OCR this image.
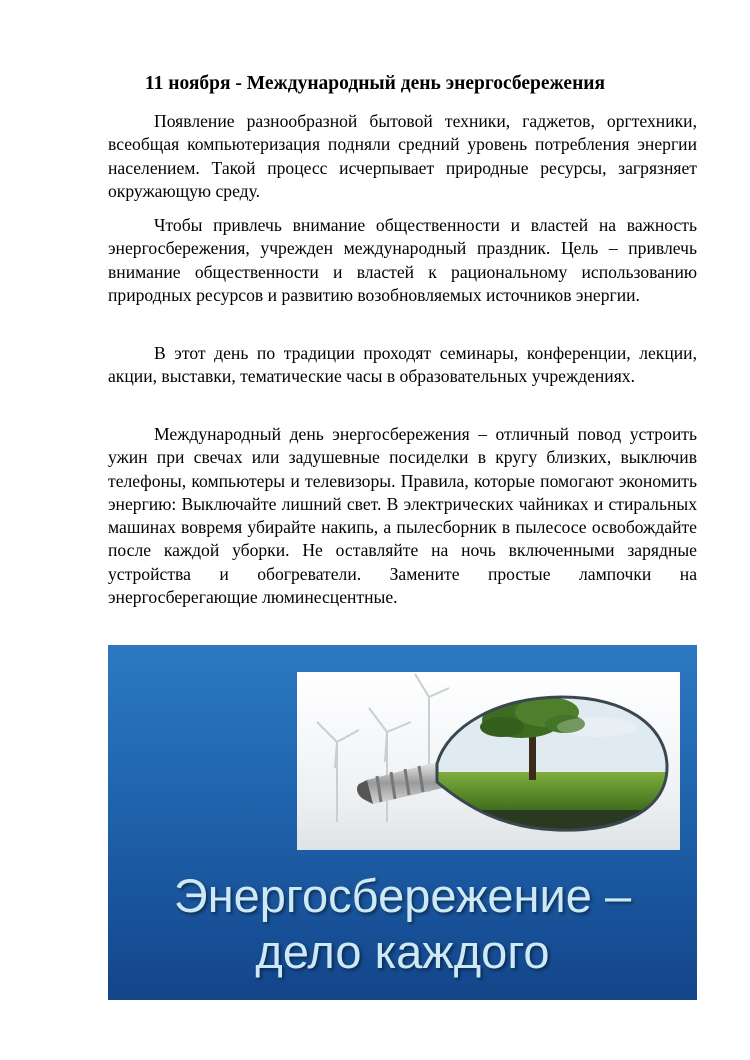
11 ноября - Международный день энергосбережения

Появление разнообразной бытовой техники, гаджетов, оргтехники, всеобщая компьютеризация подняли средний уровень потребления энергии населением. Такой процесс исчерпывает природные ресурсы, загрязняет окружающую среду.

Чтобы привлечь внимание общественности и властей на важность энергосбережения, учрежден международный праздник. Цель – привлечь внимание общественности и властей к рациональному использованию природных ресурсов и развитию возобновляемых источников энергии.

В этот день по традиции проходят семинары, конференции, лекции, акции, выставки, тематические часы в образовательных учреждениях.

Международный день энергосбережения – отличный повод устроить ужин при свечах или задушевные посиделки в кругу близких, выключив телефоны, компьютеры и телевизоры. Правила, которые помогают экономить энергию: Выключайте лишний свет. В электрических чайниках и стиральных машинах вовремя убирайте накипь, а пылесборник в пылесосе освобождайте после каждой уборки. Не оставляйте на ночь включенными зарядные устройства и обогреватели. Замените простые лампочки на энергосберегающие люминесцентные.

Энергосбережение –
дело каждого
